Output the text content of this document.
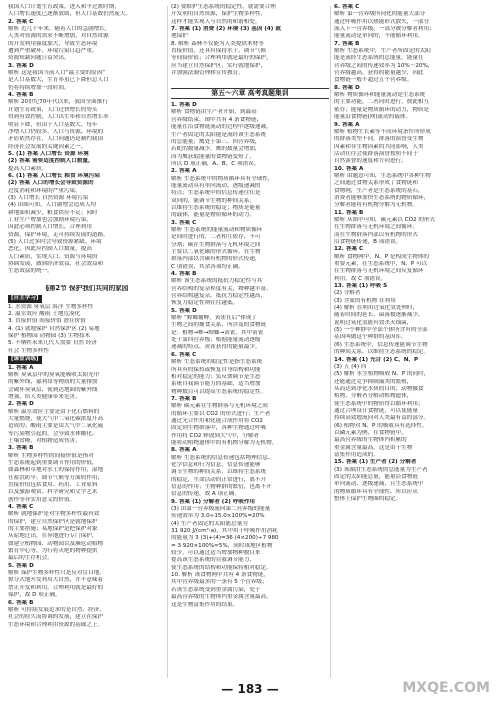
我国人口计划生育政策，进入和平过渡时期，
人口增长速度已逐渐放缓，但人口基数仍然庞大。
2. 答案 C
解析 近几十年来，随着人口的急剧增长，
人类对资源的需求不断增加，对自然资源
的开发利用强度加大，导致生态环境
遭到严重破坏，环境污染日趋严重，
资源短缺问题日益突出。
3. 答案 D
解析 这是我国当前人口“最主要的原因”
是人口基数大，生育率虽已下降但总人口
仍将持续增加一段时间。
4. 答案 B
解析 20世纪70年代以来，我国全面推行
计划生育政策，人口过快增长的势头
得到有效控制，人口出生率和自然增长率
明显下降，但由于人口基数大，每年
净增人口仍较多，人口与资源、环境的
矛盾依然存在，人口问题仍是制约我国
经济社会发展的关键因素之一。
5. (1) 答案 人口增长 资源 环境
(2) 答案 需要适度控制人口数量，
提高人口素质。
6. (1) 答案 人口增长 粮食 环境污染
(2) 答案 人口的增长会导致资源的
过度消耗和环境的严重污染。
(3) 人口增长 自然资源 环境污染
(4) 由图可知，人口剧增会造成人均
耕地面积减少，粮食供应不足；同时
工业生产增加也会加剧环境污染，
因此必须控制人口增长，合理利用
资源，保护环境，走可持续发展的道路。
(5) 人口过多时会导致资源紧缺、环境
恶化，因此应控制人口数量，提高
人口素质，实现人口、资源与环境的
协调发展，做到经济效益、社会效益和
生态效益的统一。

§第2节 保护我们共同的家园
[自主学习]
1. 水资源 臭氧层 海洋 生物多样性
2. 温室效应 酸雨 土地荒漠化
3. 直接价值 间接价值 潜在价值
4. (1) 就地保护 自然保护区 (2) 易地
保护 植物园 动物园 (3) 生物技术
5. 不牺牲未来几代人需要 自然 经济
社会 生物多样性
[课堂训练]
1. 答案 A
解析 臭氧层中的臭氧能吸收太阳光中
的紫外线，氟利昂等物质的大量排放
会破坏臭氧层，使到达地面的紫外线
增强，给人类健康带来危害。
2. 答案 D
解析 温室效应主要是由于化石燃料的
大量燃烧，使大气中二氧化碳浓度升高
造成的；酸雨主要是由大气中二氧化硫
等污染物引起的，会导致水体酸化、
土壤贫瘠，对植物造成伤害。
3. 答案 B
解析 生物多样性的间接价值是指对
生态系统起到重要调节作用的价值，
如森林和草地对水土的保持作用，湿地
在蓄洪防旱、调节气候等方面的作用；
直接价值包括食用、药用、工业原料
以及旅游观赏、科学研究和文学艺术
创作等非实用意义的价值。
4. 答案 C
解析 就地保护是对生物多样性最有效
的保护，建立自然保护区是就地保护
的主要措施；易地保护是把保护对象
从原地迁出，在异地进行专门保护，
如建立植物园、动物园以及濒危动植物
繁育中心等，为行将灭绝的物种提供
最后的生存机会。
5. 答案 D
解析 保护生物多样性只是反对盲目地、
掠夺式地开发利用大自然，并不意味着
禁止开发和利用，合理利用就是最好的
保护，故 D 项正确。
6. 答案 B
解析 可持续发展追求的是自然、经济、
社会的持久而协调的发展，建立在保护
生态环境和合理利用资源的基础之上。
(2) 要维护生态系统的稳定性，就需要合理
开发利用自然资源，保护生物多样性，
这样才能实现人与自然的和谐相处。
7. 答案 (1) 消费 (2) 环境 (3) 基因 (4) 就
地保护
8. 解析 森林不仅能为人类提供木材等
直接价值，还具有保持水土、调节气候
等间接价值；合理利用就是最好的保护，
应当建立自然保护区，实行就地保护，
并加强法制管理和宣传教育。

第五～六章 高考真题集训
1. 答案 D
解析 食物链由生产者开始，到最高
营养级结束，图中共有 4 条食物链；
能量在沿食物链流动的过程中逐级递减，
生产者固定的太阳能是流经该生态系统
的总能量；鹰处于第三、四营养级，
若蛇的数量减少，鹰的数量会增加，
因为鹰获取能量的食物链变短了，
所以 D 项正确，A、B、C 项错误。
2. 答案 A
解析 生态系统中的物质循环具有全球性，
能量流动具有单向流动、逐级递减的
特点；生态系统中的信息传递往往是
双向的，能调节生物的种间关系，
以维持生态系统的稳定；物质是能量
的载体，能量是物质循环的动力。
3. 答案 C
解析 生态系统的能量流动和物质循环
是同时进行的，二者相互依存，不可
分割；碳在生物群落与无机环境之间
主要以二氧化碳的形式循环，在生物
群落内部以含碳有机物的形式传递，
C 项错误，其余各项均正确。
4. 答案 B
解析 该生态系统的抵抗力稳定性与其
营养结构的复杂程度有关，物种越丰富、
营养结构越复杂，抵抗力稳定性越高，
恢复力稳定性则往往越低。
5. 答案 D
解析 “螳螂捕蝉，黄雀在后”体现了
生物之间的捕食关系，所涉及的食物链
是：植物→蝉→螳螂→黄雀，其中黄雀
处于第四营养级；根据能量流动逐级
递减的特点，黄雀获得的能量最少。
6. 答案 C
解析 生态系统的稳定性是指生态系统
所具有的保持或恢复自身结构和功能
相对稳定的能力；负反馈调节是生态
系统自我调节能力的基础，适当增加
物种数目可以提高生态系统的稳定性。
7. 答案 B
解析 碳元素在生物群落与无机环境之间
的循环主要以 CO2 的形式进行；生产者
通过光合作用和化能合成作用将 CO2
固定到生物群落中，各种生物通过呼吸
作用将 CO2 释放到大气中，分解者
能将动植物遗体中的有机物分解为无机物。
8. 答案 A
解析 生态系统的信息传递包括物理信息、
化学信息和行为信息，信息传递能够
调节生物的种间关系，以维持生态系统
的稳定，生命活动的正常进行，离不开
信息的作用；生物种群的繁衍，也离不开
信息的传递，故 A 项正确。
9. 答案 (1) 分解者 (2) 呼吸作用
(3) 由第一营养级流向第二营养级的能量
传递效率为 3.0÷15.0×100%=20%
(4) 生产者固定的太阳能总量为
31 920 J/(cm²·a)，其中用于呼吸作用消耗
的能量为 3 (3)+(4)=36 (4×200)÷7 980
= 3 920×100%≈5%，同时该地区植物
较少，可以通过适当增加物种数目来
提高该生态系统的自我调节能力，
使生态系统的结构和功能保持相对稳定。
10. 解析 该食物网中共有 4 条食物链，
其中营养级最多的一条有 5 个营养级；
若该生态系统受到重金属污染，处于
最高营养级的生物体内重金属含量最高，
这是生物富集作用的结果。
6. 答案 C
解析 第一营养级所同化的能量大部分
通过呼吸作用以热能形式散失，一部分
流入下一营养级，一部分被分解者利用；
能量流动是单向的，不能循环利用。
7. 答案 B
解析 生态系统中，生产者所固定的太阳
能是流经生态系统的总能量，能量在
营养级之间的传递效率为 10%～20%，
营养级越高，获得的能量越少，因此
食物链一般不超过五个营养级。
8. 答案 D
解析 物质循环和能量流动是生态系统
的主要功能，二者同时进行，彼此相互
依存；能量是物质循环的动力，物质是
能量沿食物链(网)流动的载体。
9. 答案 A
解析 植物生长素等不同环境条件所形成
的群落类型不同，群落的演替受生物
因素和非生物因素的共同影响，人类
活动往往会使群落演替按照不同于
自然演替的速度和方向进行。
10. 答案 A
解析 由题意可知，生态系统中各种生物
之间通过食物关系形成了食物链和
食物网，生产者是生态系统的基石，
消费者能够加快生态系统的物质循环，
分解者能将有机物分解为无机物。
11. 答案 B
解析 从图中可知，碳元素以 CO2 的形式
在生物群落与无机环境之间循环，
而在生物群落内部以有机物的形式
沿食物链传递，B 项错误。
12. 答案 C
解析 食物网中，N、P 是构成生物体的
重要元素，在生态系统中，N、P 可以
在生物群落与无机环境之间反复循环
利用，故 C 项错误。
13. 答案 (1) 呼吸 S
(2) 分解者
(3) 含氮的有机物 在利用
(4) 解析 在利用过氧化氢处理时，
随着时间的延长，菌落数逐渐减少，
说明过氧化氢能有效杀灭细菌，
(5) 一个种群中全部个体所含有的全部
基因叫做这个种群的基因库，
(6) 生态系统中，信息传递能调节生物
的种间关系，以维持生态系统的稳定。
14. 答案 (1) 光合 (2) C、N、P
(3) 五 (4) 四
(5) 解析 水生植物吸收 N、P 的同时，
还能通过竞争抑制藻类的繁殖，
从而达到净化水质的目的；动物摄食
植物，分解者分解动植物遗体，
使生态系统中的物质得以循环利用；
通过合理设计食物链，可以使能量
持续高效地流向对人类最有益的部分。
(6) 植物对 N、P 的吸收具有选择性，
以磷元素为例，在食物链中，
最高营养级的生物体内积累的
重金属含量最高，这是由于生物
富集作用造成的。
15. 答案 (1) 生产者 (2) 分解者
(3) 该湖泊生态系统的总能量为生产者
固定的太阳能总量，能量沿食物链
单向流动、逐级递减，且生态系统中
的物质循环具有全球性，所以应从
整体上保护生物圈的稳定。
— 183 —	MXQE.COM
